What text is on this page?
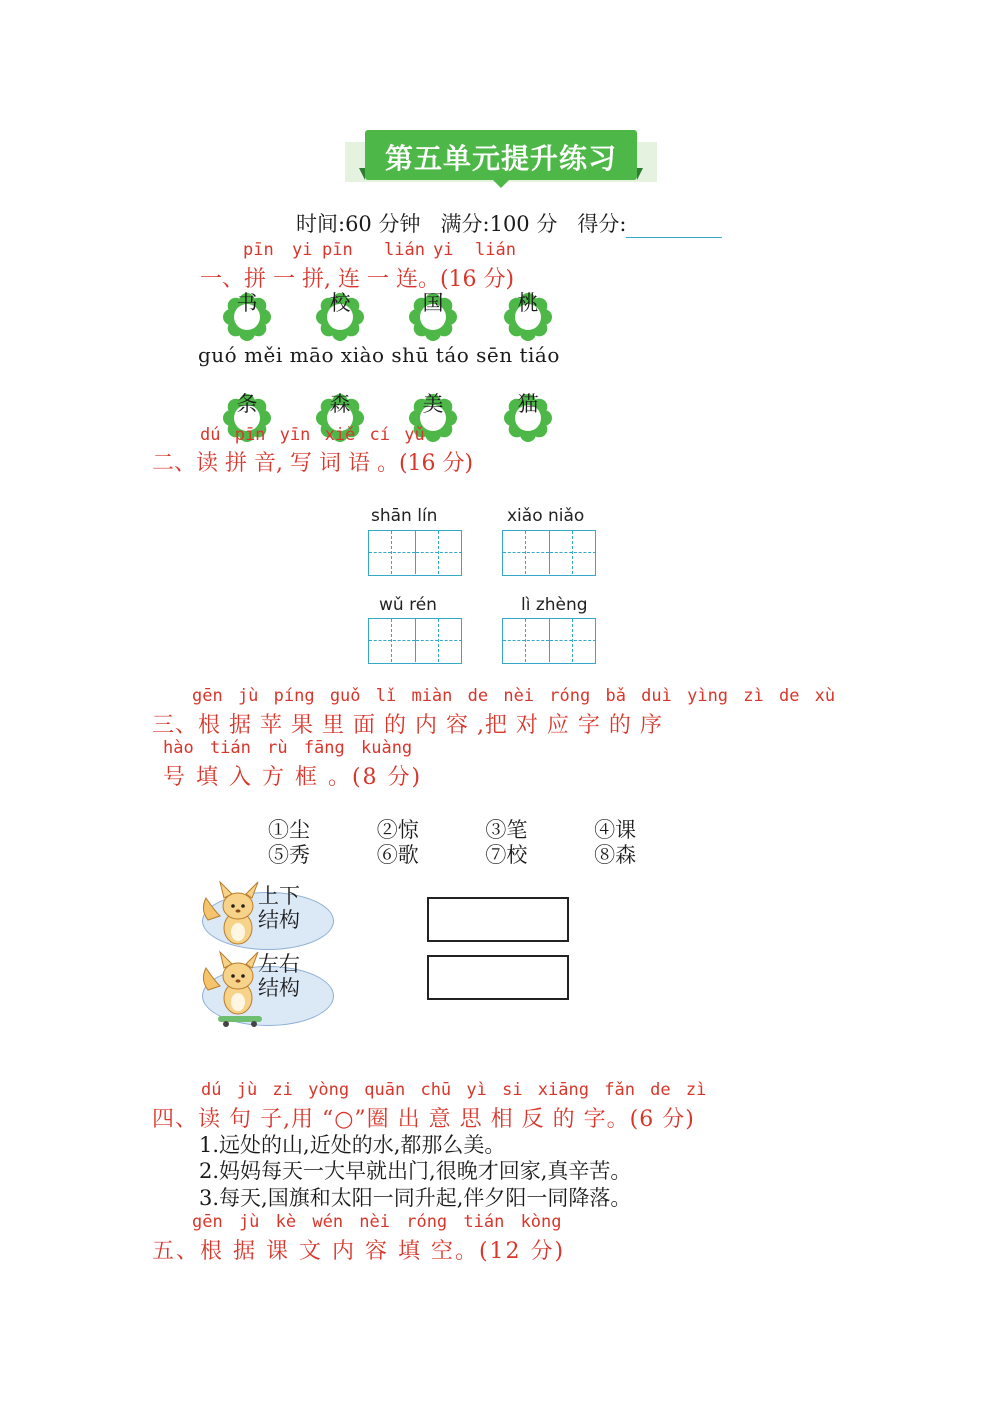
第五单元提升练习
时间:60 分钟 满分:100 分 得分:
pīn yi pīn lián yi lián
一、拼 一 拼, 连 一 连。(16 分)
书	校	国	桃
guó měi māo xiào shū táo sēn tiáo
条	森	美	猫
dú pīn yīn xiě cí yǔ
二、读 拼 音, 写 词 语 。(16 分)
shān lín	xiǎo niǎo
wǔ rén	lì zhèng
gēn jù píng guǒ lǐ miàn de nèi róng bǎ duì yìng zì de xù
三、根 据 苹 果 里 面 的 内 容 ,把 对 应 字 的 序
hào tián rù fāng kuàng
号 填 入 方 框 。(8 分)
①尘	②惊	③笔	④课
⑤秀	⑥歌	⑦校	⑧森
上下
结构
左右
结构
dú jù zi yòng quān chū yì si xiāng fǎn de zì
四、读 句 子,用 “○”圈 出 意 思 相 反 的 字。(6 分)
1.远处的山,近处的水,都那么美。
2.妈妈每天一大早就出门,很晚才回家,真辛苦。
3.每天,国旗和太阳一同升起,伴夕阳一同降落。
gēn jù kè wén nèi róng tián kòng
五、根 据 课 文 内 容 填 空。(12 分)
